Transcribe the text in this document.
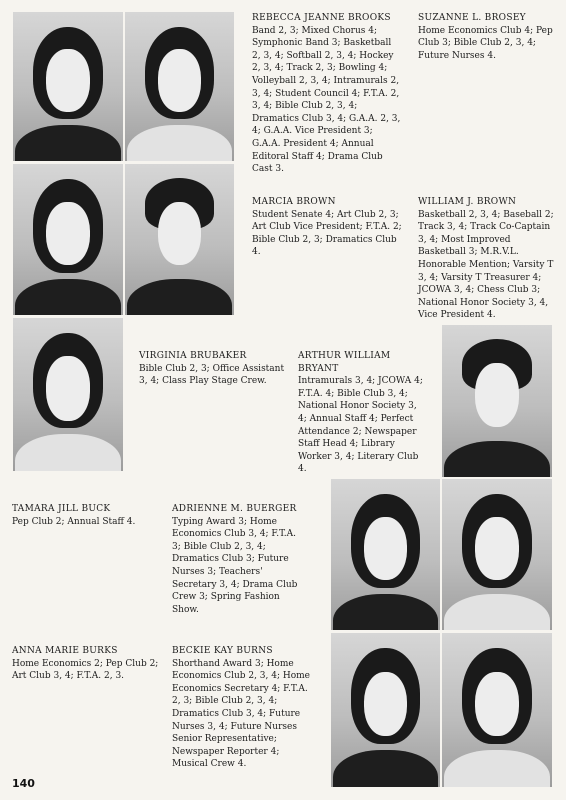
REBECCA JEANNE BROOKS
Band 2, 3; Mixed Chorus 4; Symphonic Band 3; Basketball 2, 3, 4; Softball 2, 3, 4; Hockey 2, 3, 4; Track 2, 3; Bowling 4; Volleyball 2, 3, 4; Intramurals 2, 3, 4; Student Council 4; F.T.A. 2, 3, 4; Bible Club 2, 3, 4; Dramatics Club 3, 4; G.A.A. 2, 3, 4; G.A.A. Vice President 3; G.A.A. President 4; Annual Editoral Staff 4; Drama Club Cast 3.
SUZANNE L. BROSEY
Home Economics Club 4; Pep Club 3; Bible Club 2, 3, 4; Future Nurses 4.
MARCIA BROWN
Student Senate 4; Art Club 2, 3; Art Club Vice President; F.T.A. 2; Bible Club 2, 3; Dramatics Club 4.
WILLIAM J. BROWN
Basketball 2, 3, 4; Baseball 2; Track 3, 4; Track Co-Captain 3, 4; Most Improved Basketball 3; M.R.V.L. Honorable Mention; Varsity T 3, 4; Varsity T Treasurer 4; JCOWA 3, 4; Chess Club 3; National Honor Society 3, 4, Vice President 4.
VIRGINIA BRUBAKER
Bible Club 2, 3; Office Assistant 3, 4; Class Play Stage Crew.
ARTHUR WILLIAM BRYANT
Intramurals 3, 4; JCOWA 4; F.T.A. 4; Bible Club 3, 4; National Honor Society 3, 4; Annual Staff 4; Perfect Attendance 2; Newspaper Staff Head 4; Library Worker 3, 4; Literary Club 4.
TAMARA JILL BUCK
Pep Club 2; Annual Staff 4.
ADRIENNE M. BUERGER
Typing Award 3; Home Economics Club 3, 4; F.T.A. 3; Bible Club 2, 3, 4; Dramatics Club 3; Future Nurses 3; Teachers' Secretary 3, 4; Drama Club Crew 3; Spring Fashion Show.
ANNA MARIE BURKS
Home Economics 2; Pep Club 2; Art Club 3, 4; F.T.A. 2, 3.
BECKIE KAY BURNS
Shorthand Award 3; Home Economics Club 2, 3, 4; Home Economics Secretary 4; F.T.A. 2, 3; Bible Club 2, 3, 4; Dramatics Club 3, 4; Future Nurses 3, 4; Future Nurses Senior Representative; Newspaper Reporter 4; Musical Crew 4.
140
